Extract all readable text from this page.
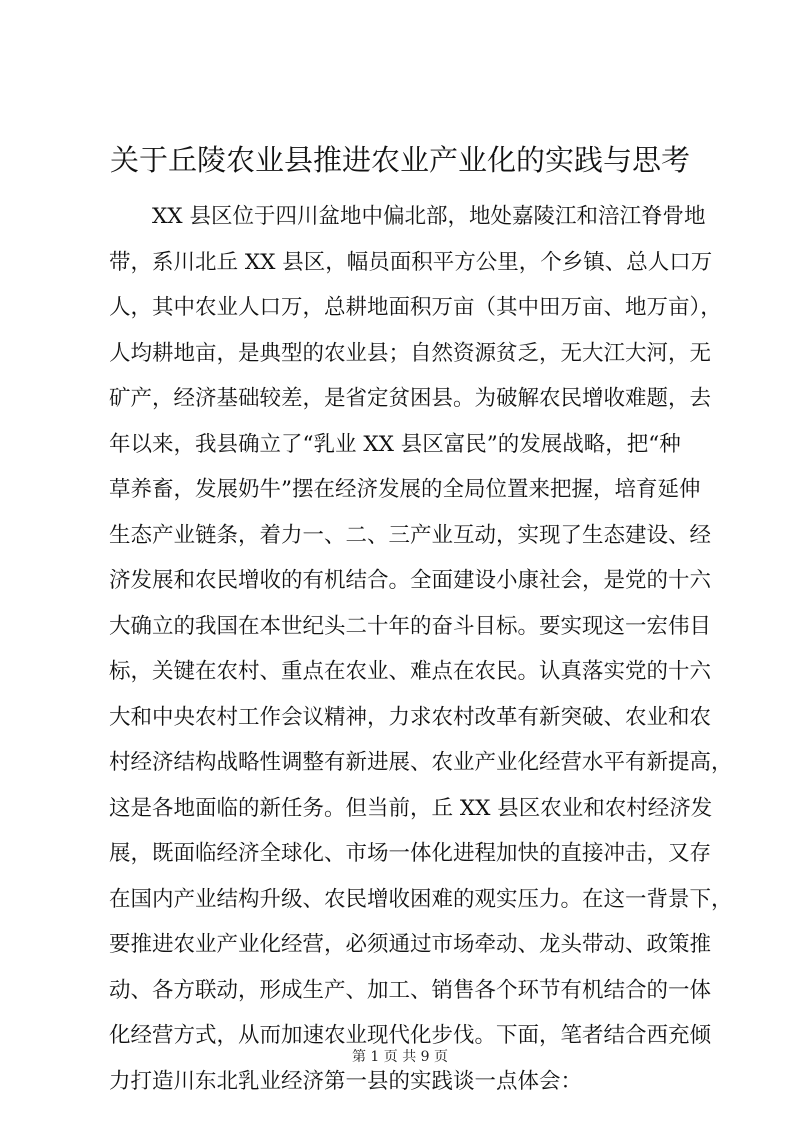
关于丘陵农业县推进农业产业化的实践与思考
XX 县区位于四川盆地中偏北部，地处嘉陵江和涪江脊骨地
带，系川北丘 XX 县区，幅员面积平方公里，个乡镇、总人口万
人，其中农业人口万，总耕地面积万亩（其中田万亩、地万亩），
人均耕地亩，是典型的农业县；自然资源贫乏，无大江大河，无
矿产，经济基础较差，是省定贫困县。为破解农民增收难题，去
年以来，我县确立了“乳业 XX 县区富民”的发展战略，把“种
草养畜，发展奶牛”摆在经济发展的全局位置来把握，培育延伸
生态产业链条，着力一、二、三产业互动，实现了生态建设、经
济发展和农民增收的有机结合。全面建设小康社会，是党的十六
大确立的我国在本世纪头二十年的奋斗目标。要实现这一宏伟目
标，关键在农村、重点在农业、难点在农民。认真落实党的十六
大和中央农村工作会议精神，力求农村改革有新突破、农业和农
村经济结构战略性调整有新进展、农业产业化经营水平有新提高，
这是各地面临的新任务。但当前，丘 XX 县区农业和农村经济发
展，既面临经济全球化、市场一体化进程加快的直接冲击，又存
在国内产业结构升级、农民增收困难的观实压力。在这一背景下，
要推进农业产业化经营，必须通过市场牵动、龙头带动、政策推
动、各方联动，形成生产、加工、销售各个环节有机结合的一体
化经营方式，从而加速农业现代化步伐。下面，笔者结合西充倾
力打造川东北乳业经济第一县的实践谈一点体会：
第 1 页 共 9 页
